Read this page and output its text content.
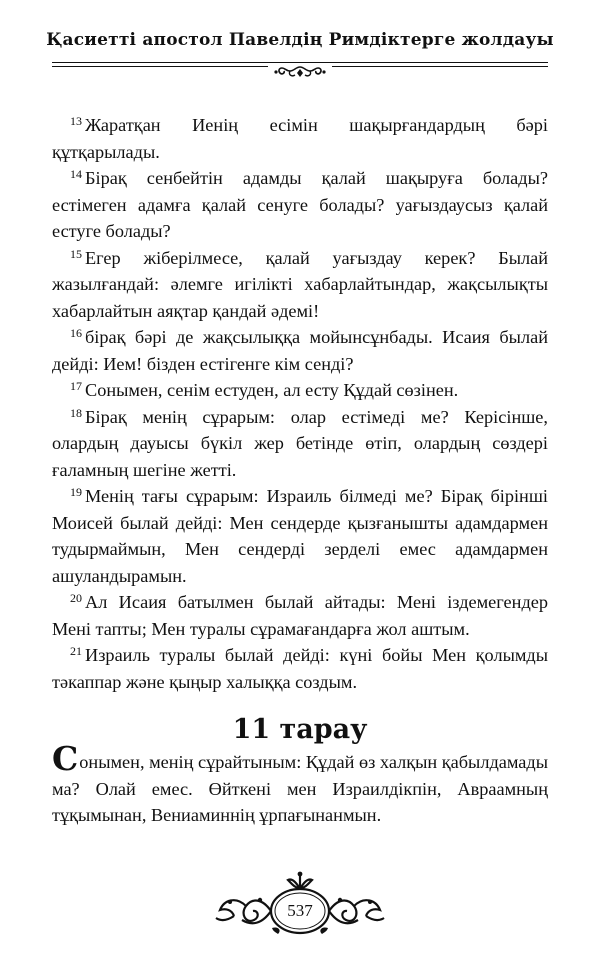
Қасиетті апостол Павелдің Римдіктерге жолдауы

$^{13}$ Жаратқан Иенің есімін шақырғандардың бәрі құтқарылады.

$^{14}$ Бірақ сенбейтін адамды қалай шақыруға болады? естімеген адамға қалай сенуге болады? уағыздаусыз қалай естуге болады?

$^{15}$ Егер жіберілмесе, қалай уағыздау керек? Былай жазылғандай: әлемге игілікті хабарлайтындар, жақсылықты хабарлайтын аяқтар қандай әдемі!

$^{16}$ бірақ бәрі де жақсылыққа мойынсұнбады. Исаия былай дейді: Ием! бізден естігенге кім сенді?

$^{17}$ Сонымен, сенім естуден, ал есту Құдай сөзінен.

$^{18}$ Бірақ менің сұрарым: олар естімеді ме? Керісінше, олардың дауысы бүкіл жер бетінде өтіп, олардың сөздері ғаламның шегіне жетті.

$^{19}$ Менің тағы сұрарым: Израиль білмеді ме? Бірақ бірінші Моисей былай дейді: Мен сендерде қызғанышты адамдармен тудырмаймын, Мен сендерді зерделі емес адамдармен ашуландырамын.

$^{20}$ Ал Исаия батылмен былай айтады: Мені іздемегендер Мені тапты; Мен туралы сұрамағандарға жол аштым.

$^{21}$ Израиль туралы былай дейді: күні бойы Мен қолымды тәкаппар және қыңыр халыққа создым.

11 тарау

Сонымен, менің сұрайтыным: Құдай өз халқын қабылдамады ма? Олай емес. Өйткені мен Израилдікпін, Авраамның тұқымынан, Вениаминнің ұрпағынанмын.

537
